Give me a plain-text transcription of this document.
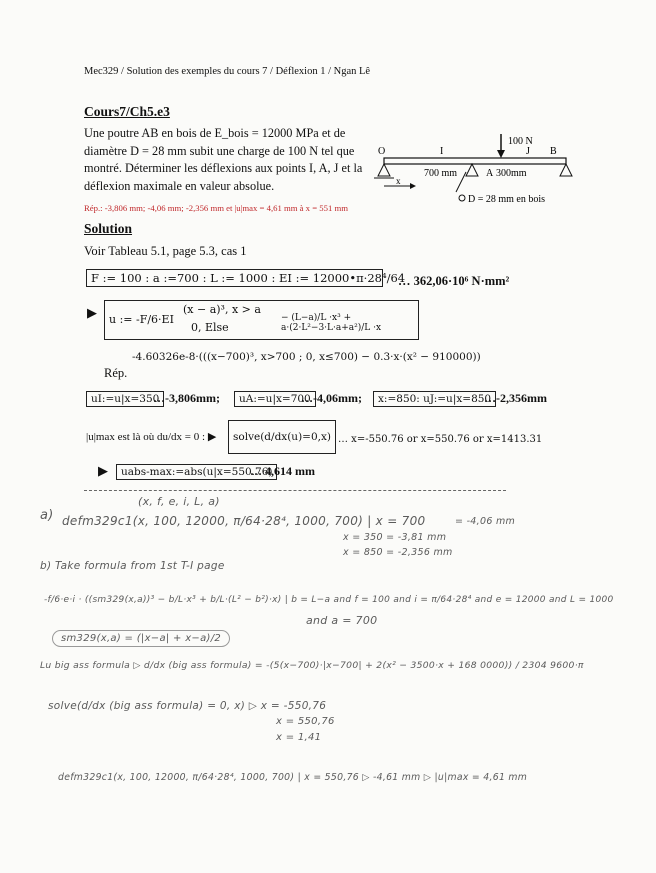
Mec329 / Solution des exemples du cours 7 / Déflexion 1 / Ngan Lê
Cours7/Ch5.e3
Une poutre AB en bois de E_bois = 12000 MPa et de diamètre D = 28 mm subit une charge de 100 N tel que montré. Déterminer les déflexions aux points I, A, J et la déflexion maximale en valeur absolue.
Rép.: -3,806 mm; -4,06 mm; -2,356 mm et |u|max = 4,61 mm à x = 551 mm
100 N
O	I	J B
A
700 mm	300mm
x
D = 28 mm en bois
Solution
Voir Tableau 5.1, page 5.3, cas 1
F := 100 : a :=700 : L := 1000 : EI := 12000•π·28⁴/64
… 362,06·10⁶ N·mm²
▶ u := -F/6·EI
(x − a)³, x > a
0, Else
− (L−a)/L ·x³ + a·(2·L²−3·L·a+a²)/L ·x
-4.60326e-8·(((x−700)³, x>700 ; 0, x≤700) − 0.3·x·(x² − 910000))
Rép.
uI:=u|x=350
…-3,806mm;	uA:=u|x=700
…-4,06mm;	x:=850: uJ:=u|x=850
…-2,356mm
|u|max est là où du/dx = 0 : ▶	solve(d/dx(u)=0,x) … x=-550.76 or x=550.76 or x=1413.31
▶	uabs-max:=abs(u|x=550.76)
… 4,614 mm
(x, f, e, i, L, a)
a) defm329c1(x, 100, 12000, π/64·28⁴, 1000, 700) | x = 700	= -4,06 mm
x = 350 = -3,81 mm
x = 850 = -2,356 mm
b) Take formula from 1st T-I page
-f/6·e·i · ((sm329(x,a))³ − b/L·x³ + b/L·(L² − b²)·x) | b = L−a and f = 100 and i = π/64·28⁴ and e = 12000 and L = 1000
and a = 700
sm329(x,a) = (|x−a| + x−a)/2
Lu big ass formula ▷ d/dx (big ass formula) = -(5(x−700)·|x−700| + 2(x² − 3500·x + 168 0000)) / 2304 9600·π
solve(d/dx (big ass formula) = 0, x) ▷ x = -550,76
x = 550,76
x = 1,41
defm329c1(x, 100, 12000, π/64·28⁴, 1000, 700) | x = 550,76 ▷ -4,61 mm ▷ |u|max = 4,61 mm
